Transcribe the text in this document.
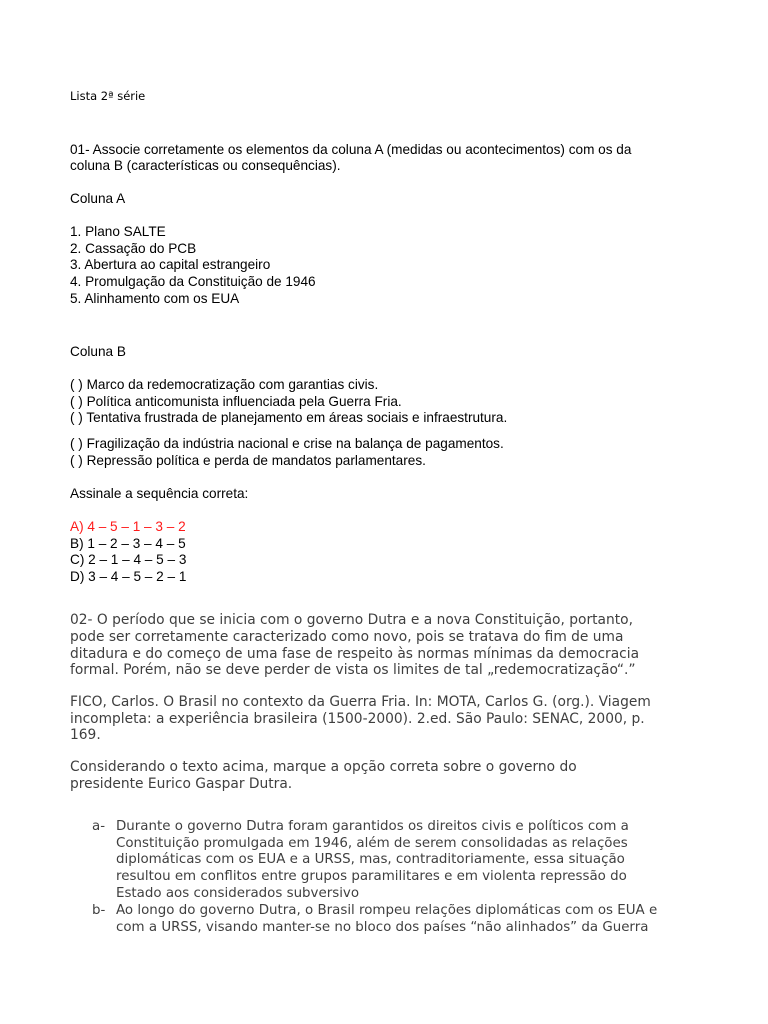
Lista 2ª série

01- Associe corretamente os elementos da coluna A (medidas ou acontecimentos) com os da

coluna B (características ou consequências).

Coluna A

1. Plano SALTE

2. Cassação do PCB

3. Abertura ao capital estrangeiro

4. Promulgação da Constituição de 1946

5. Alinhamento com os EUA

Coluna B

( ) Marco da redemocratização com garantias civis.

( ) Política anticomunista influenciada pela Guerra Fria.

( ) Tentativa frustrada de planejamento em áreas sociais e infraestrutura.

( ) Fragilização da indústria nacional e crise na balança de pagamentos.

( ) Repressão política e perda de mandatos parlamentares.

Assinale a sequência correta:

A) 4 – 5 – 1 – 3 – 2

B) 1 – 2 – 3 – 4 – 5

C) 2 – 1 – 4 – 5 – 3

D) 3 – 4 – 5 – 2 – 1

02- O período que se inicia com o governo Dutra e a nova Constituição, portanto,

pode ser corretamente caracterizado como novo, pois se tratava do fim de uma

ditadura e do começo de uma fase de respeito às normas mínimas da democracia

formal. Porém, não se deve perder de vista os limites de tal „redemocratização“.”

FICO, Carlos. O Brasil no contexto da Guerra Fria. In: MOTA, Carlos G. (org.). Viagem

incompleta: a experiência brasileira (1500-2000). 2.ed. São Paulo: SENAC, 2000, p.

169.

Considerando o texto acima, marque a opção correta sobre o governo do

presidente Eurico Gaspar Dutra.

a- Durante o governo Dutra foram garantidos os direitos civis e políticos com a
Constituição promulgada em 1946, além de serem consolidadas as relações
diplomáticas com os EUA e a URSS, mas, contraditoriamente, essa situação
resultou em conflitos entre grupos paramilitares e em violenta repressão do
Estado aos considerados subversivo
b- Ao longo do governo Dutra, o Brasil rompeu relações diplomáticas com os EUA e
com a URSS, visando manter-se no bloco dos países “não alinhados” da Guerra
